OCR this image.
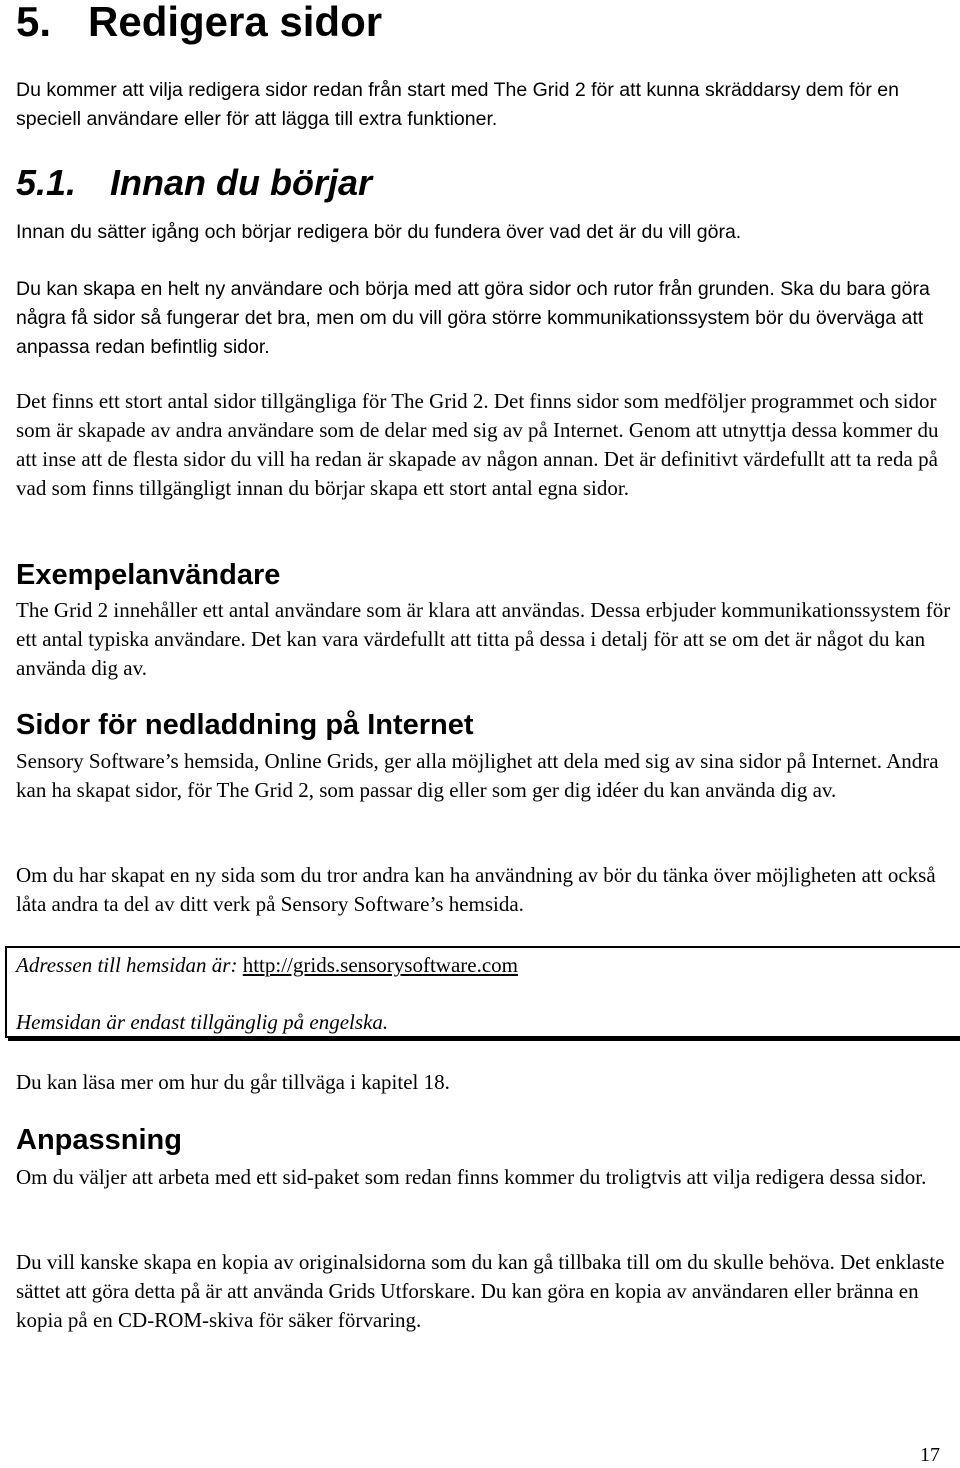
5. Redigera sidor

Du kommer att vilja redigera sidor redan från start med The Grid 2 för att kunna skräddarsy dem för en speciell användare eller för att lägga till extra funktioner.

5.1. Innan du börjar

Innan du sätter igång och börjar redigera bör du fundera över vad det är du vill göra.

Du kan skapa en helt ny användare och börja med att göra sidor och rutor från grunden. Ska du bara göra några få sidor så fungerar det bra, men om du vill göra större kommunikationssystem bör du överväga att anpassa redan befintlig sidor.

Det finns ett stort antal sidor tillgängliga för The Grid 2. Det finns sidor som medföljer programmet och sidor som är skapade av andra användare som de delar med sig av på Internet. Genom att utnyttja dessa kommer du att inse att de flesta sidor du vill ha redan är skapade av någon annan. Det är definitivt värdefullt att ta reda på vad som finns tillgängligt innan du börjar skapa ett stort antal egna sidor.

Exempelanvändare

The Grid 2 innehåller ett antal användare som är klara att användas. Dessa erbjuder kommunikationssystem för ett antal typiska användare. Det kan vara värdefullt att titta på dessa i detalj för att se om det är något du kan använda dig av.

Sidor för nedladdning på Internet

Sensory Software’s hemsida, Online Grids, ger alla möjlighet att dela med sig av sina sidor på Internet. Andra kan ha skapat sidor, för The Grid 2, som passar dig eller som ger dig idéer du kan använda dig av.

Om du har skapat en ny sida som du tror andra kan ha användning av bör du tänka över möjligheten att också låta andra ta del av ditt verk på Sensory Software’s hemsida.

Adressen till hemsidan är: http://grids.sensorysoftware.com
Hemsidan är endast tillgänglig på engelska.

Du kan läsa mer om hur du går tillväga i kapitel 18.

Anpassning

Om du väljer att arbeta med ett sid-paket som redan finns kommer du troligtvis att vilja redigera dessa sidor.

Du vill kanske skapa en kopia av originalsidorna som du kan gå tillbaka till om du skulle behöva. Det enklaste sättet att göra detta på är att använda Grids Utforskare. Du kan göra en kopia av användaren eller bränna en kopia på en CD-ROM-skiva för säker förvaring.

17
